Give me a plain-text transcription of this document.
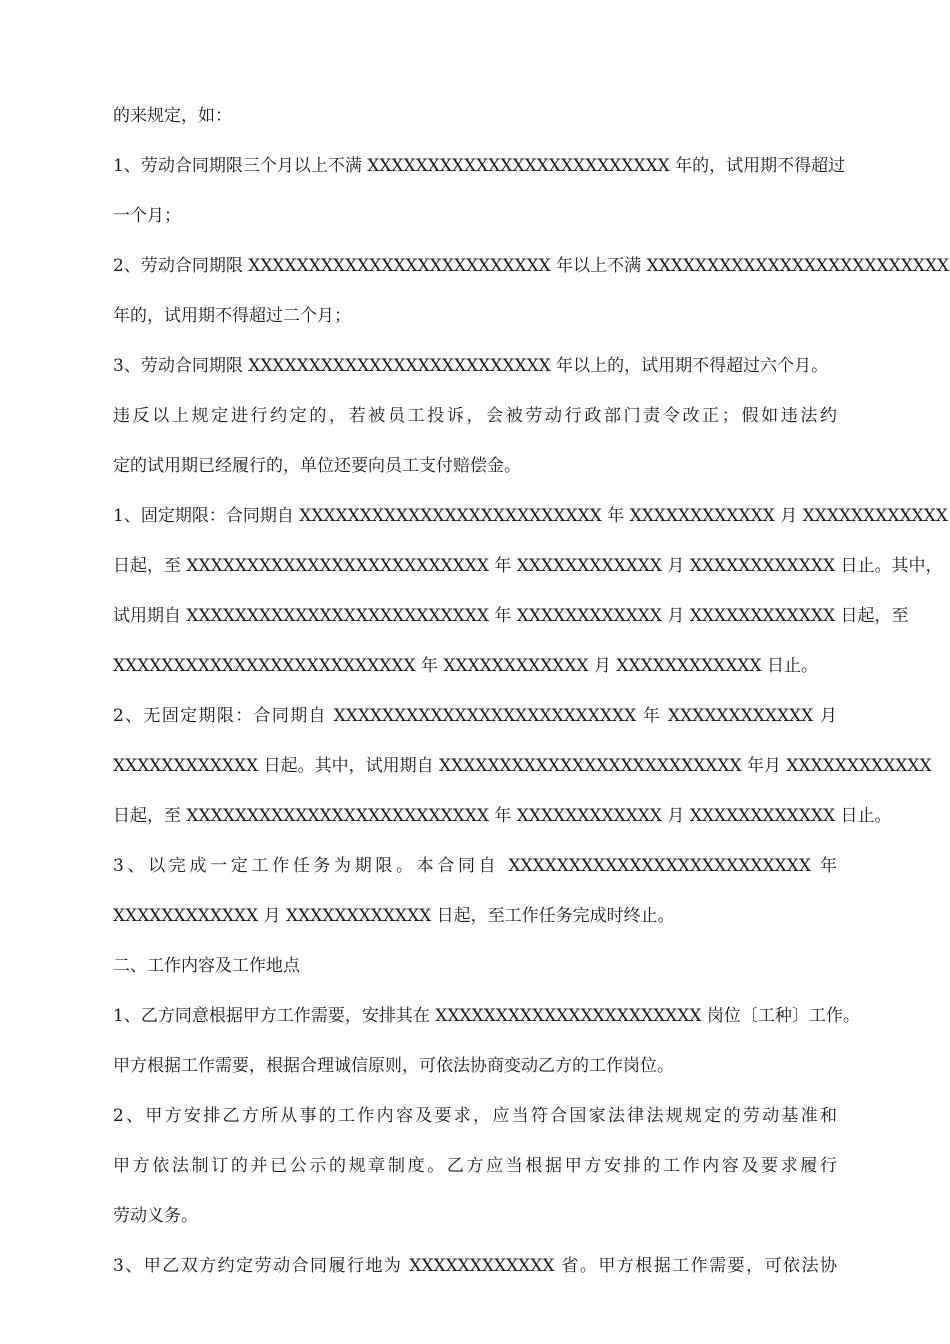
的来规定，如：
1、劳动合同期限三个月以上不满 XXXXXXXXXXXXXXXXXXXXXXXXX 年的，试用期不得超过
一个月；
2、劳动合同期限 XXXXXXXXXXXXXXXXXXXXXXXXX 年以上不满 XXXXXXXXXXXXXXXXXXXXXXXXX
年的，试用期不得超过二个月；
3、劳动合同期限 XXXXXXXXXXXXXXXXXXXXXXXXX 年以上的，试用期不得超过六个月。
违反以上规定进行约定的，若被员工投诉，会被劳动行政部门责令改正；假如违法约
定的试用期已经履行的，单位还要向员工支付赔偿金。
1、固定期限：合同期自 XXXXXXXXXXXXXXXXXXXXXXXXX 年 XXXXXXXXXXXX 月 XXXXXXXXXXXX
日起，至 XXXXXXXXXXXXXXXXXXXXXXXXX 年 XXXXXXXXXXXX 月 XXXXXXXXXXXX 日止。其中，
试用期自 XXXXXXXXXXXXXXXXXXXXXXXXX 年 XXXXXXXXXXXX 月 XXXXXXXXXXXX 日起，至
XXXXXXXXXXXXXXXXXXXXXXXXX 年 XXXXXXXXXXXX 月 XXXXXXXXXXXX 日止。
2、无固定期限：合同期自 XXXXXXXXXXXXXXXXXXXXXXXXX 年 XXXXXXXXXXXX 月
XXXXXXXXXXXX 日起。其中，试用期自 XXXXXXXXXXXXXXXXXXXXXXXXX 年月 XXXXXXXXXXXX
日起，至 XXXXXXXXXXXXXXXXXXXXXXXXX 年 XXXXXXXXXXXX 月 XXXXXXXXXXXX 日止。
3、以完成一定工作任务为期限。本合同自 XXXXXXXXXXXXXXXXXXXXXXXXX 年
XXXXXXXXXXXX 月 XXXXXXXXXXXX 日起，至工作任务完成时终止。
二、工作内容及工作地点
1、乙方同意根据甲方工作需要，安排其在 XXXXXXXXXXXXXXXXXXXXXX 岗位〔工种〕工作。
甲方根据工作需要，根据合理诚信原则，可依法协商变动乙方的工作岗位。
2、甲方安排乙方所从事的工作内容及要求，应当符合国家法律法规规定的劳动基准和
甲方依法制订的并已公示的规章制度。乙方应当根据甲方安排的工作内容及要求履行
劳动义务。
3、甲乙双方约定劳动合同履行地为 XXXXXXXXXXXX 省。甲方根据工作需要，可依法协
